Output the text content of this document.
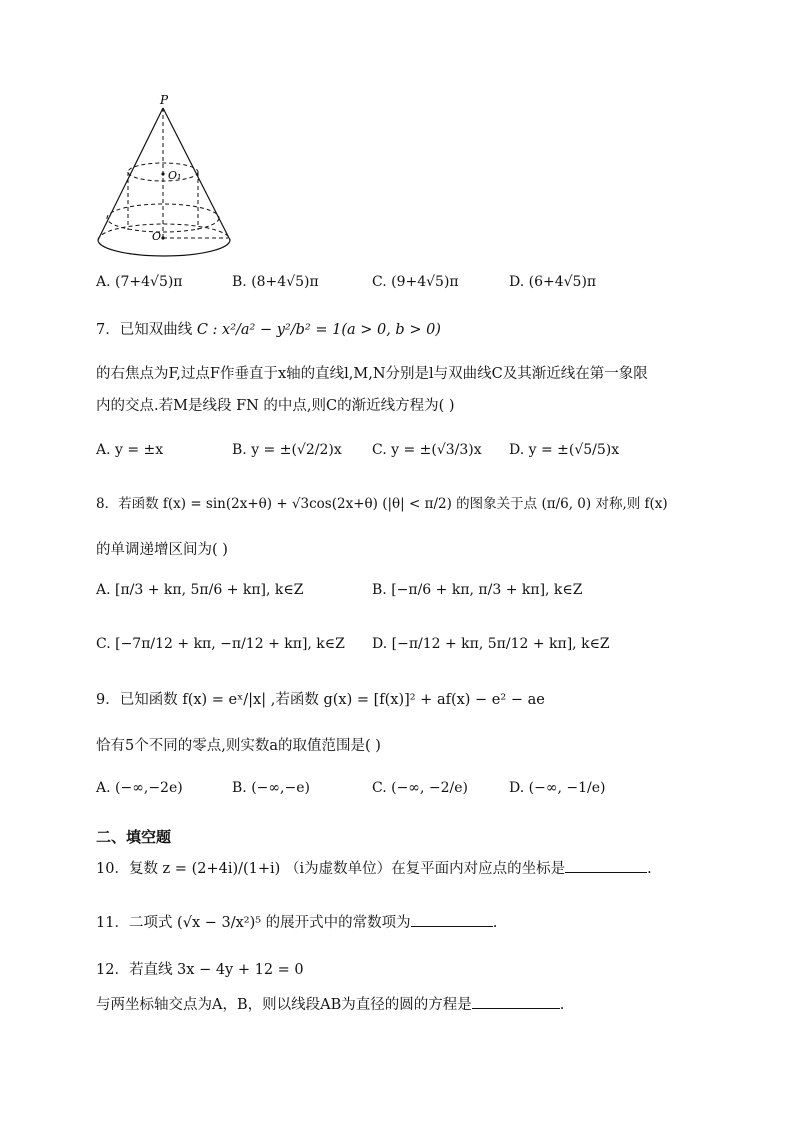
P
O₁
O
A. (7+4√5)π	B. (8+4√5)π	C. (9+4√5)π	D. (6+4√5)π
7．已知双曲线 C : x²/a² − y²/b² = 1(a > 0, b > 0)
的右焦点为F,过点F作垂直于x轴的直线l,M,N分别是l与双曲线C及其渐近线在第一象限
内的交点.若M是线段 FN 的中点,则C的渐近线方程为( )
A. y = ±x	B. y = ±(√2/2)x C. y = ±(√3/3)x D. y = ±(√5/5)x
8．若函数 f(x) = sin(2x+θ) + √3cos(2x+θ) (|θ| < π/2) 的图象关于点 (π/6, 0) 对称,则 f(x)
的单调递增区间为( )
A. [π/3 + kπ, 5π/6 + kπ], k∈Z	B. [−π/6 + kπ, π/3 + kπ], k∈Z
C. [−7π/12 + kπ, −π/12 + kπ], k∈Z D. [−π/12 + kπ, 5π/12 + kπ], k∈Z
9．已知函数 f(x) = eˣ/|x| ,若函数 g(x) = [f(x)]² + af(x) − e² − ae
恰有5个不同的零点,则实数a的取值范围是( )
A. (−∞,−2e)	B. (−∞,−e)	C. (−∞, −2/e)	D. (−∞, −1/e)
二、填空题
10．复数 z = (2+4i)/(1+i) （i为虚数单位）在复平面内对应点的坐标是	.
11．二项式 (√x − 3/x²)⁵ 的展开式中的常数项为	.
12．若直线 3x − 4y + 12 = 0
与两坐标轴交点为A，B，则以线段AB为直径的圆的方程是	.
